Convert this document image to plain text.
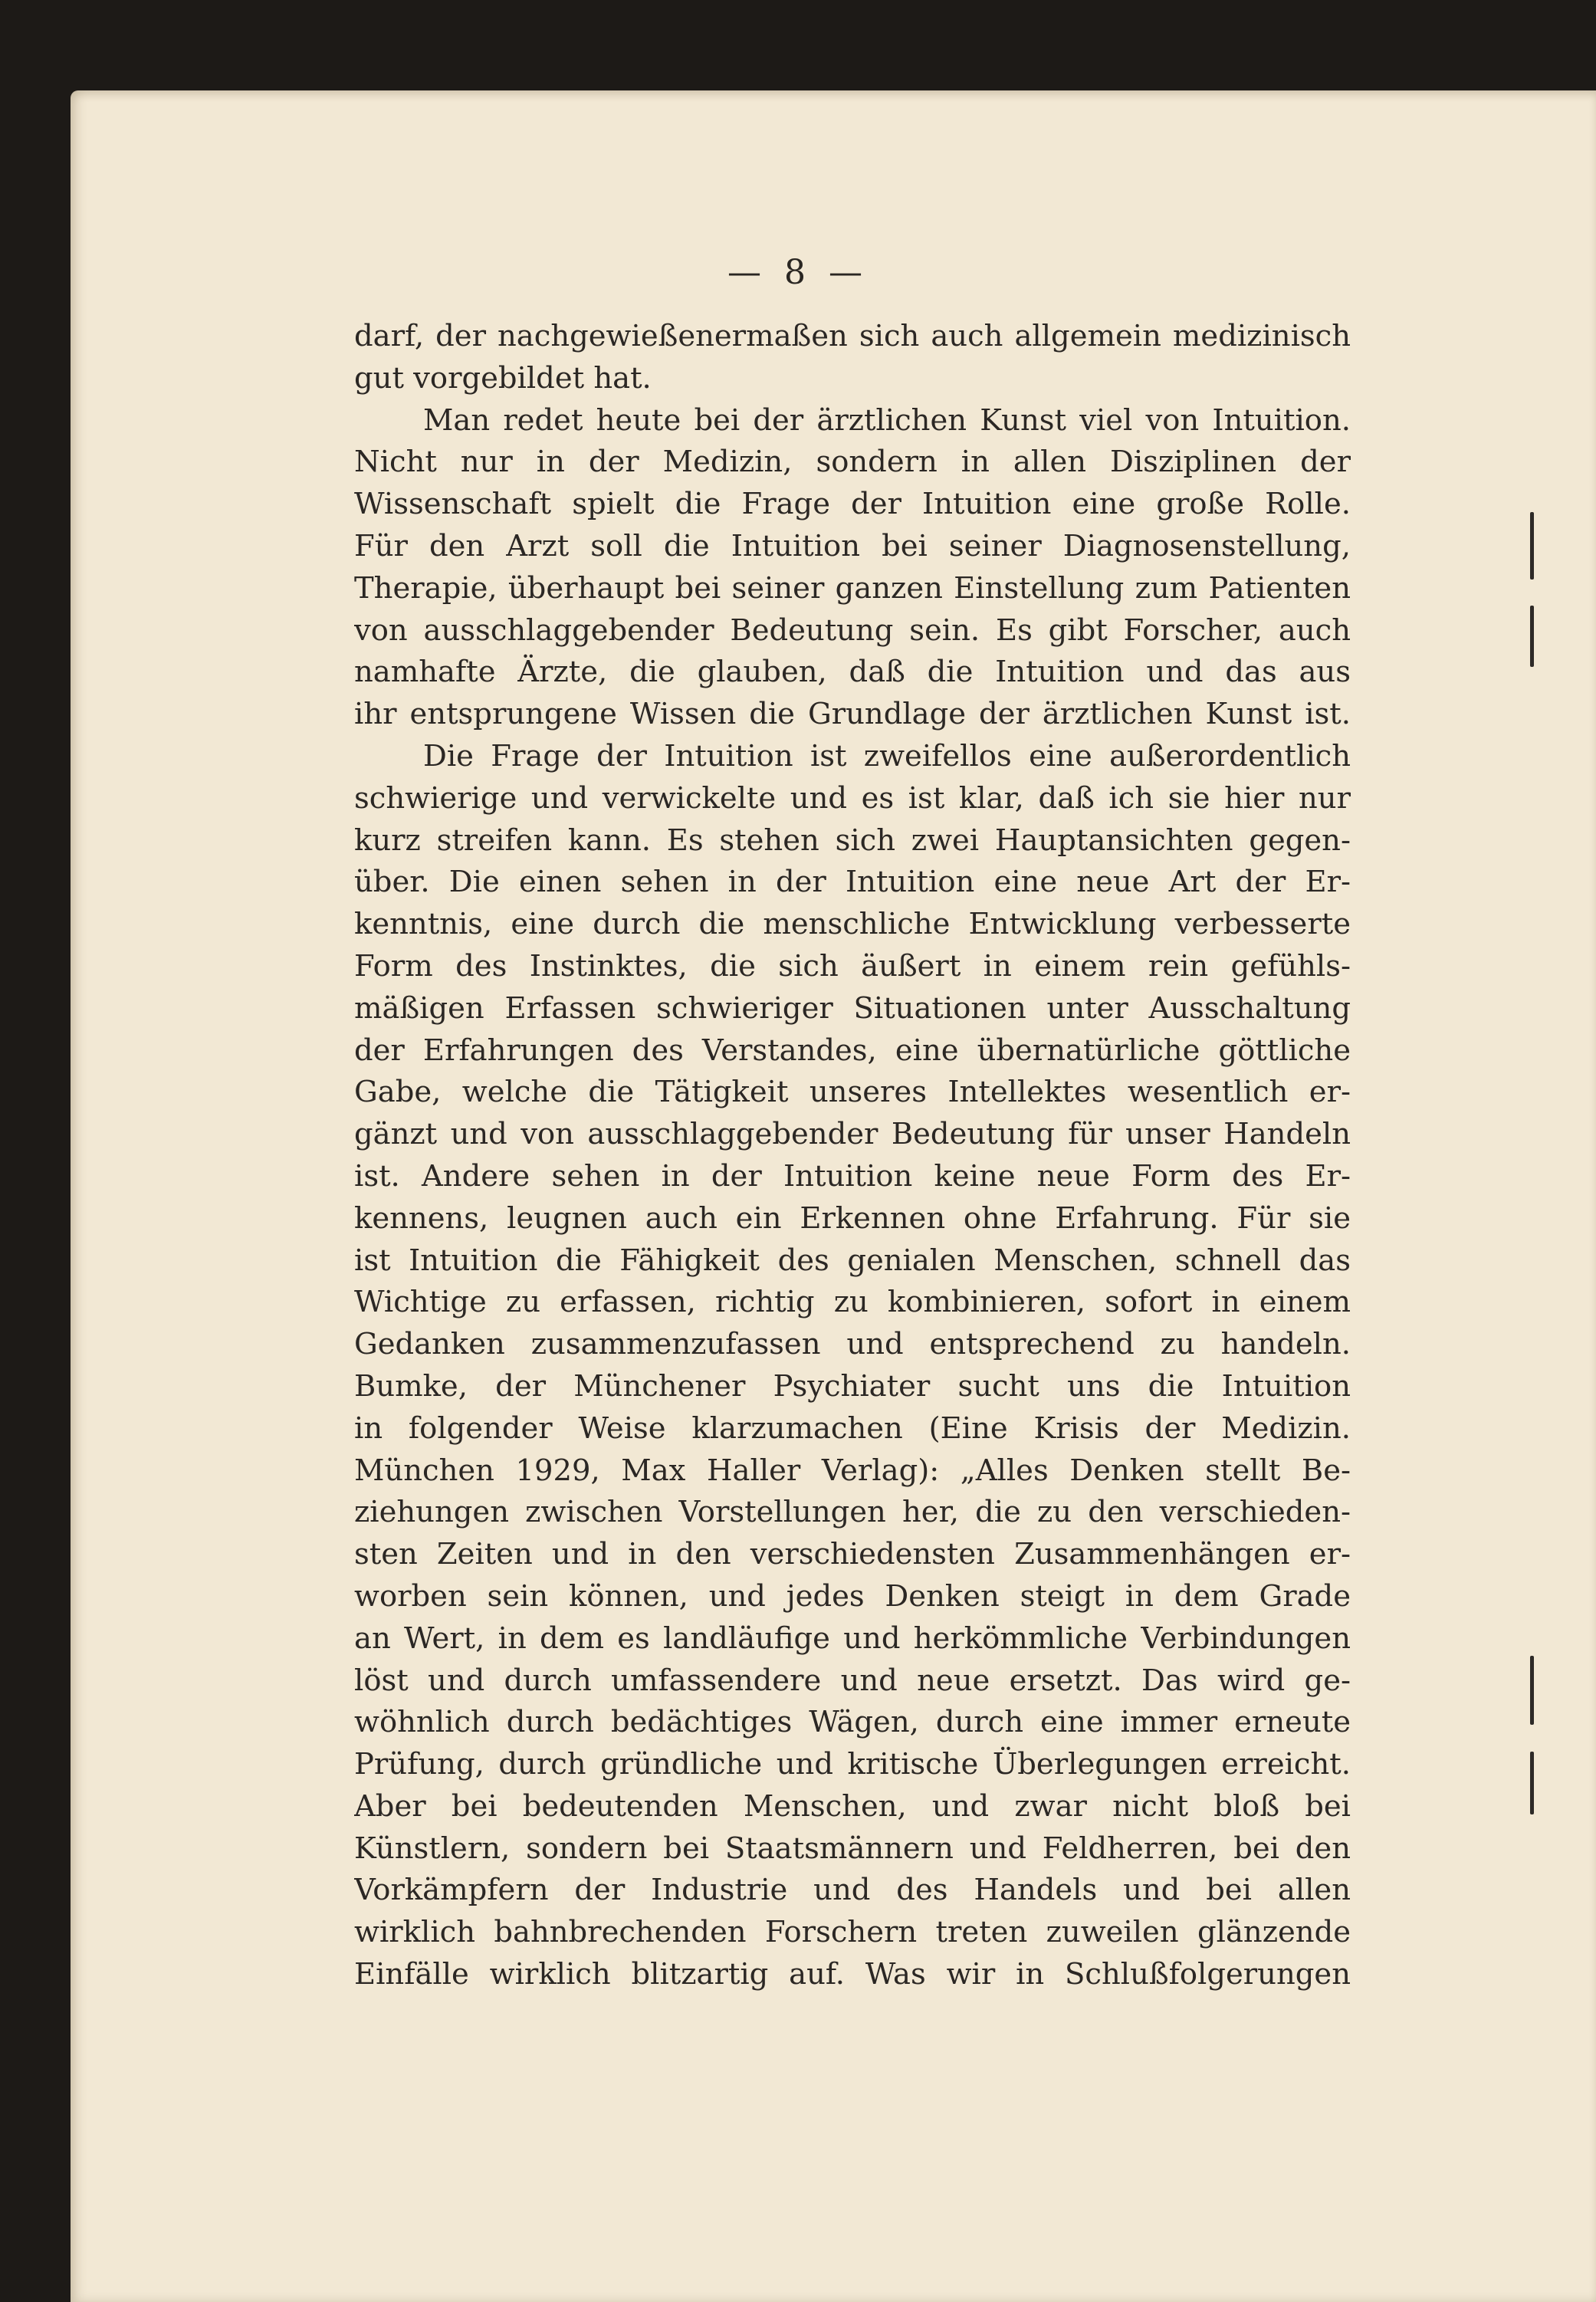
— 8 —
darf, der nachgewießenermaßen sich auch allgemein medizinisch
gut vorgebildet hat.
Man redet heute bei der ärztlichen Kunst viel von Intuition.
Nicht nur in der Medizin, sondern in allen Disziplinen der
Wissenschaft spielt die Frage der Intuition eine große Rolle.
Für den Arzt soll die Intuition bei seiner Diagnosenstellung,
Therapie, überhaupt bei seiner ganzen Einstellung zum Patienten
von ausschlaggebender Bedeutung sein. Es gibt Forscher, auch
namhafte Ärzte, die glauben, daß die Intuition und das aus
ihr entsprungene Wissen die Grundlage der ärztlichen Kunst ist.
Die Frage der Intuition ist zweifellos eine außerordentlich
schwierige und verwickelte und es ist klar, daß ich sie hier nur
kurz streifen kann. Es stehen sich zwei Hauptansichten gegen-
über. Die einen sehen in der Intuition eine neue Art der Er-
kenntnis, eine durch die menschliche Entwicklung verbesserte
Form des Instinktes, die sich äußert in einem rein gefühls-
mäßigen Erfassen schwieriger Situationen unter Ausschaltung
der Erfahrungen des Verstandes, eine übernatürliche göttliche
Gabe, welche die Tätigkeit unseres Intellektes wesentlich er-
gänzt und von ausschlaggebender Bedeutung für unser Handeln
ist. Andere sehen in der Intuition keine neue Form des Er-
kennens, leugnen auch ein Erkennen ohne Erfahrung. Für sie
ist Intuition die Fähigkeit des genialen Menschen, schnell das
Wichtige zu erfassen, richtig zu kombinieren, sofort in einem
Gedanken zusammenzufassen und entsprechend zu handeln.
Bumke, der Münchener Psychiater sucht uns die Intuition
in folgender Weise klarzumachen (Eine Krisis der Medizin.
München 1929, Max Haller Verlag): „Alles Denken stellt Be-
ziehungen zwischen Vorstellungen her, die zu den verschieden-
sten Zeiten und in den verschiedensten Zusammenhängen er-
worben sein können, und jedes Denken steigt in dem Grade
an Wert, in dem es landläufige und herkömmliche Verbindungen
löst und durch umfassendere und neue ersetzt. Das wird ge-
wöhnlich durch bedächtiges Wägen, durch eine immer erneute
Prüfung, durch gründliche und kritische Überlegungen erreicht.
Aber bei bedeutenden Menschen, und zwar nicht bloß bei
Künstlern, sondern bei Staatsmännern und Feldherren, bei den
Vorkämpfern der Industrie und des Handels und bei allen
wirklich bahnbrechenden Forschern treten zuweilen glänzende
Einfälle wirklich blitzartig auf. Was wir in Schlußfolgerungen
